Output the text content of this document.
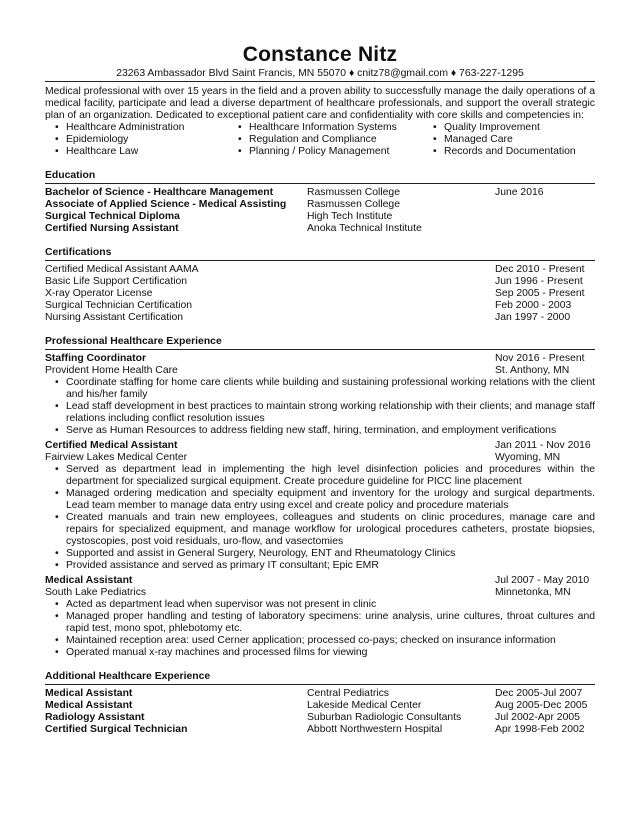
Constance Nitz
23263 Ambassador Blvd Saint Francis, MN 55070 ♦ cnitz78@gmail.com ♦ 763-227-1295
Medical professional with over 15 years in the field and a proven ability to successfully manage the daily operations of a medical facility, participate and lead a diverse department of healthcare professionals, and support the overall strategic plan of an organization. Dedicated to exceptional patient care and confidentiality with core skills and competencies in:
• Healthcare Administration
• Epidemiology
• Healthcare Law
• Healthcare Information Systems
• Regulation and Compliance
• Planning / Policy Management
• Quality Improvement
• Managed Care
• Records and Documentation
Education
Bachelor of Science - Healthcare Management	Rasmussen College	June 2016
Associate of Applied Science - Medical Assisting	Rasmussen College
Surgical Technical Diploma	High Tech Institute
Certified Nursing Assistant	Anoka Technical Institute
Certifications
Certified Medical Assistant AAMA	Dec 2010 - Present
Basic Life Support Certification	Jun 1996 - Present
X-ray Operator License	Sep 2005 - Present
Surgical Technician Certification	Feb 2000 - 2003
Nursing Assistant Certification	Jan 1997 - 2000
Professional Healthcare Experience
Staffing Coordinator	Nov 2016 - Present
Provident Home Health Care	St. Anthony, MN
• Coordinate staffing for home care clients while building and sustaining professional working relations with the client and his/her family
• Lead staff development in best practices to maintain strong working relationship with their clients; and manage staff relations including conflict resolution issues
• Serve as Human Resources to address fielding new staff, hiring, termination, and employment verifications
Certified Medical Assistant	Jan 2011 - Nov 2016
Fairview Lakes Medical Center	Wyoming, MN
• Served as department lead in implementing the high level disinfection policies and procedures within the department for specialized surgical equipment. Create procedure guideline for PICC line placement
• Managed ordering medication and specialty equipment and inventory for the urology and surgical departments. Lead team member to manage data entry using excel and create policy and procedure materials
• Created manuals and train new employees, colleagues and students on clinic procedures, manage care and repairs for specialized equipment, and manage workflow for urological procedures catheters, prostate biopsies, cystoscopies, post void residuals, uro-flow, and vasectomies
• Supported and assist in General Surgery, Neurology, ENT and Rheumatology Clinics
• Provided assistance and served as primary IT consultant; Epic EMR
Medical Assistant	Jul 2007 - May 2010
South Lake Pediatrics	Minnetonka, MN
• Acted as department lead when supervisor was not present in clinic
• Managed proper handling and testing of laboratory specimens: urine analysis, urine cultures, throat cultures and rapid test, mono spot, phlebotomy etc.
• Maintained reception area: used Cerner application; processed co-pays; checked on insurance information
• Operated manual x-ray machines and processed films for viewing
Additional Healthcare Experience
Medical Assistant	Central Pediatrics	Dec 2005-Jul 2007
Medical Assistant	Lakeside Medical Center	Aug 2005-Dec 2005
Radiology Assistant	Suburban Radiologic Consultants	Jul 2002-Apr 2005
Certified Surgical Technician	Abbott Northwestern Hospital	Apr 1998-Feb 2002
